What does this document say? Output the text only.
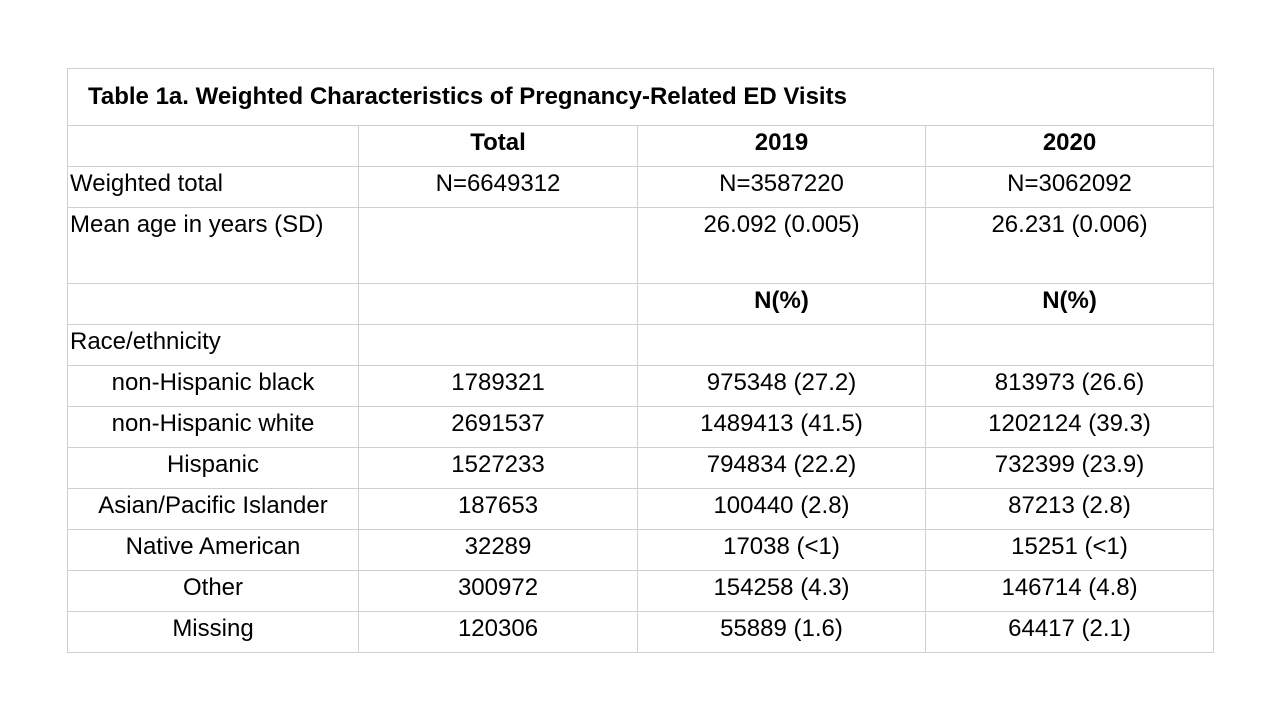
Table 1a. Weighted Characteristics of Pregnancy-Related ED Visits			
	Total	2019	2020
Weighted total	N=6649312	N=3587220	N=3062092
Mean age in years (SD)		26.092 (0.005)	26.231 (0.006)
		N(%)	N(%)
Race/ethnicity			
non-Hispanic black	1789321	975348 (27.2)	813973 (26.6)
non-Hispanic white	2691537	1489413 (41.5)	1202124 (39.3)
Hispanic	1527233	794834 (22.2)	732399 (23.9)
Asian/Pacific Islander	187653	100440 (2.8)	87213 (2.8)
Native American	32289	17038 (<1)	15251 (<1)
Other	300972	154258 (4.3)	146714 (4.8)
Missing	120306	55889 (1.6)	64417 (2.1)
